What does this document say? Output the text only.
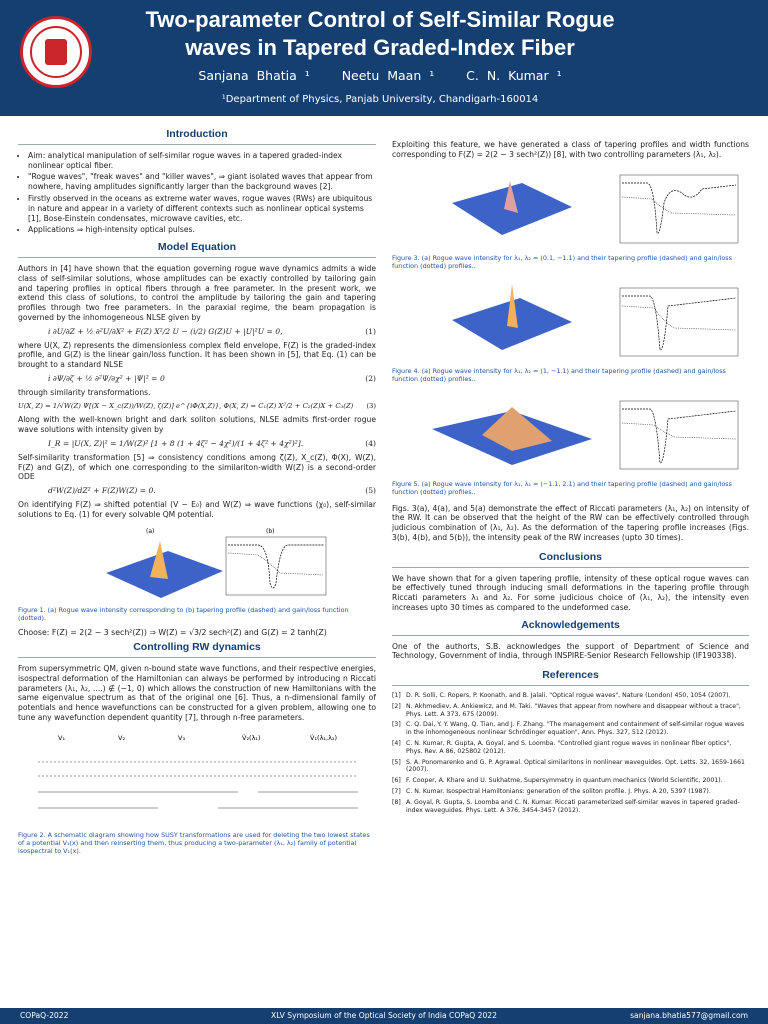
Two-parameter Control of Self-Similar Rogue
waves in Tapered Graded-Index Fiber
Sanjana Bhatia ¹	Neetu Maan ¹	C. N. Kumar ¹
¹Department of Physics, Panjab University, Chandigarh-160014
Introduction
• Aim: analytical manipulation of self-similar rogue waves in a tapered graded-index nonlinear optical fiber.
• "Rogue waves", "freak waves" and "killer waves", ⇒ giant isolated waves that appear from nowhere, having amplitudes significantly larger than the background waves [2].
• Firstly observed in the oceans as extreme water waves, rogue waves (RWs) are ubiquitous in nature and appear in a variety of different contexts such as nonlinear optical systems [1], Bose-Einstein condensates, microwave cavities, etc.
• Applications ⇒ high-intensity optical pulses.
Model Equation

Authors in [4] have shown that the equation governing rogue wave dynamics admits a wide class of self-similar solutions, whose amplitudes can be exactly controlled by tailoring gain and tapering profiles in optical fibers through a free parameter. In the present work, we extend this class of solutions, to control the amplitude by tailoring the gain and tapering profiles through two free parameters. In the paraxial regime, the beam propagation is governed by the inhomogeneous NLSE given by

i ∂U/∂Z + ½ ∂²U/∂X² + F(Z) X²/2 U − (i/2) G(Z)U + |U|²U = 0,	(1)

where U(X, Z) represents the dimensionless complex field envelope, F(Z) is the graded-index profile, and G(Z) is the linear gain/loss function. It has been shown in [5], that Eq. (1) can be brought to a standard NLSE

i ∂Ψ/∂ζ + ½ ∂²Ψ/∂χ² + |Ψ|² = 0	(2)

through similarity transformations.

U(X, Z) = 1/√W(Z) Ψ[(X − X_c(Z))/W(Z), ζ(Z)] e^{iΦ(X,Z)}, Φ(X, Z) = C₁(Z) X²/2 + C₂(Z)X + C₃(Z) (3)

Along with the well-known bright and dark soliton solutions, NLSE admits first-order rogue wave solutions with intensity given by

I_R = |U(X, Z)|² = 1/W(Z)² [1 + 8 (1 + 4ζ² − 4χ²)/(1 + 4ζ² + 4χ²)²].	(4)

Self-similarity transformation [5] ⇒ consistency conditions among ζ(Z), X_c(Z), Φ(X), W(Z), F(Z) and G(Z), of which one corresponding to the similariton-width W(Z) is a second-order ODE

d²W(Z)/dZ² + F(Z)W(Z) = 0.	(5)

On identifying F(Z) ⇒ shifted potential (V − E₀) and W(Z) ⇒ wave functions (χ₀), self-similar solutions to Eq. (1) for every solvable QM potential.

(a)	(b)
Figure 1. (a) Rogue wave intensity corresponding to (b) tapering profile (dashed) and gain/loss function (dotted).

Choose: F(Z) = 2(2 − 3 sech²(Z)) ⇒ W(Z) = √3/2 sech²(Z) and G(Z) = 2 tanh(Z)

Controlling RW dynamics

From supersymmetric QM, given n-bound state wave functions, and their respective energies, isospectral deformation of the Hamiltonian can always be performed by introducing n Riccati parameters (λ₁, λ₂, ....) ∉ (−1, 0) which allows the construction of new Hamiltonians with the same eigenvalue spectrum as that of the original one [6]. Thus, a n-dimensional family of potentials and hence wavefunctions can be constructed for a given problem, allowing one to tune any wavefunction dependent quantity [7], through n-free parameters.

V₁	V₂	V₃	V̂₂(λ₁)	V̂₁(λ₁,λ₂)
Figure 2. A schematic diagram showing how SUSY transformations are used for deleting the two lowest states of a potential V₁(x) and then reinserting them, thus producing a two-parameter (λ₁, λ₂) family of potential isospectral to V₁(x).

Exploiting this feature, we have generated a class of tapering profiles and width functions corresponding to F(Z) = 2(2 − 3 sech²(Z)) [8], with two controlling parameters (λ₁, λ₂).

Figure 3. (a) Rogue wave intensity for λ₁, λ₂ = (0.1, −1.1) and their tapering profile (dashed) and gain/loss function (dotted) profiles..
Figure 4. (a) Rogue wave intensity for λ₁, λ₂ = (1, −1.1) and their tapering profile (dashed) and gain/loss function (dotted) profiles..
Figure 5. (a) Rogue wave intensity for λ₁, λ₂ = (−1.1, 2.1) and their tapering profile (dashed) and gain/loss function (dotted) profiles..

Figs. 3(a), 4(a), and 5(a) demonstrate the effect of Riccati parameters (λ₁, λ₂) on intensity of the RW. It can be observed that the height of the RW can be effectively controlled through judicious combination of (λ₁, λ₂). As the deformation of the tapering profile increases (Figs. 3(b), 4(b), and 5(b)), the intensity peak of the RW increases (upto 30 times).

Conclusions

We have shown that for a given tapering profile, intensity of these optical rogue waves can be effectively tuned through inducing small deformations in the tapering profile through Riccati parameters λ₁ and λ₂. For some judicious choice of (λ₁, λ₂), the intensity even increases upto 30 times as compared to the undeformed case.

Acknowledgements

One of the authorts, S.B. acknowledges the support of Department of Science and Technology, Government of India, through INSPIRE-Senior Research Fellowship (IF190338).

References
[1] D. R. Solli, C. Ropers, P. Koonath, and B. Jalali. "Optical rogue waves", Nature (London) 450, 1054 (2007).
[2] N. Akhmediev, A. Ankiewicz, and M. Taki. "Waves that appear from nowhere and disappear without a trace", Phys. Lett. A 373, 675 (2009).
[3] C. Q. Dai, Y. Y. Wang, Q. Tian, and J. F. Zhang. "The management and containment of self-similar rogue waves in the inhomogeneous nonlinear Schrödinger equation", Ann. Phys. 327, 512 (2012).
[4] C. N. Kumar, R. Gupta, A. Goyal, and S. Loomba. "Controlled giant rogue waves in nonlinear fiber optics", Phys. Rev. A 86, 025802 (2012).
[5] S. A. Ponomarenko and G. P. Agrawal. Optical similaritons in nonlinear waveguides. Opt. Letts. 32, 1659-1661 (2007).
[6] F. Cooper, A. Khare and U. Sukhatme, Supersymmetry in quantum mechanics (World Scientific, 2001).
[7] C. N. Kumar. Isospectral Hamiltonians: generation of the soliton profile. J. Phys. A 20, 5397 (1987).
[8] A. Goyal, R. Gupta, S. Loomba and C. N. Kumar. Riccati parameterized self-similar waves in tapered graded-index waveguides. Phys. Lett. A 376, 3454-3457 (2012).
COPaQ-2022	XLV Symposium of the Optical Society of India COPaQ 2022	sanjana.bhatia577@gmail.com
